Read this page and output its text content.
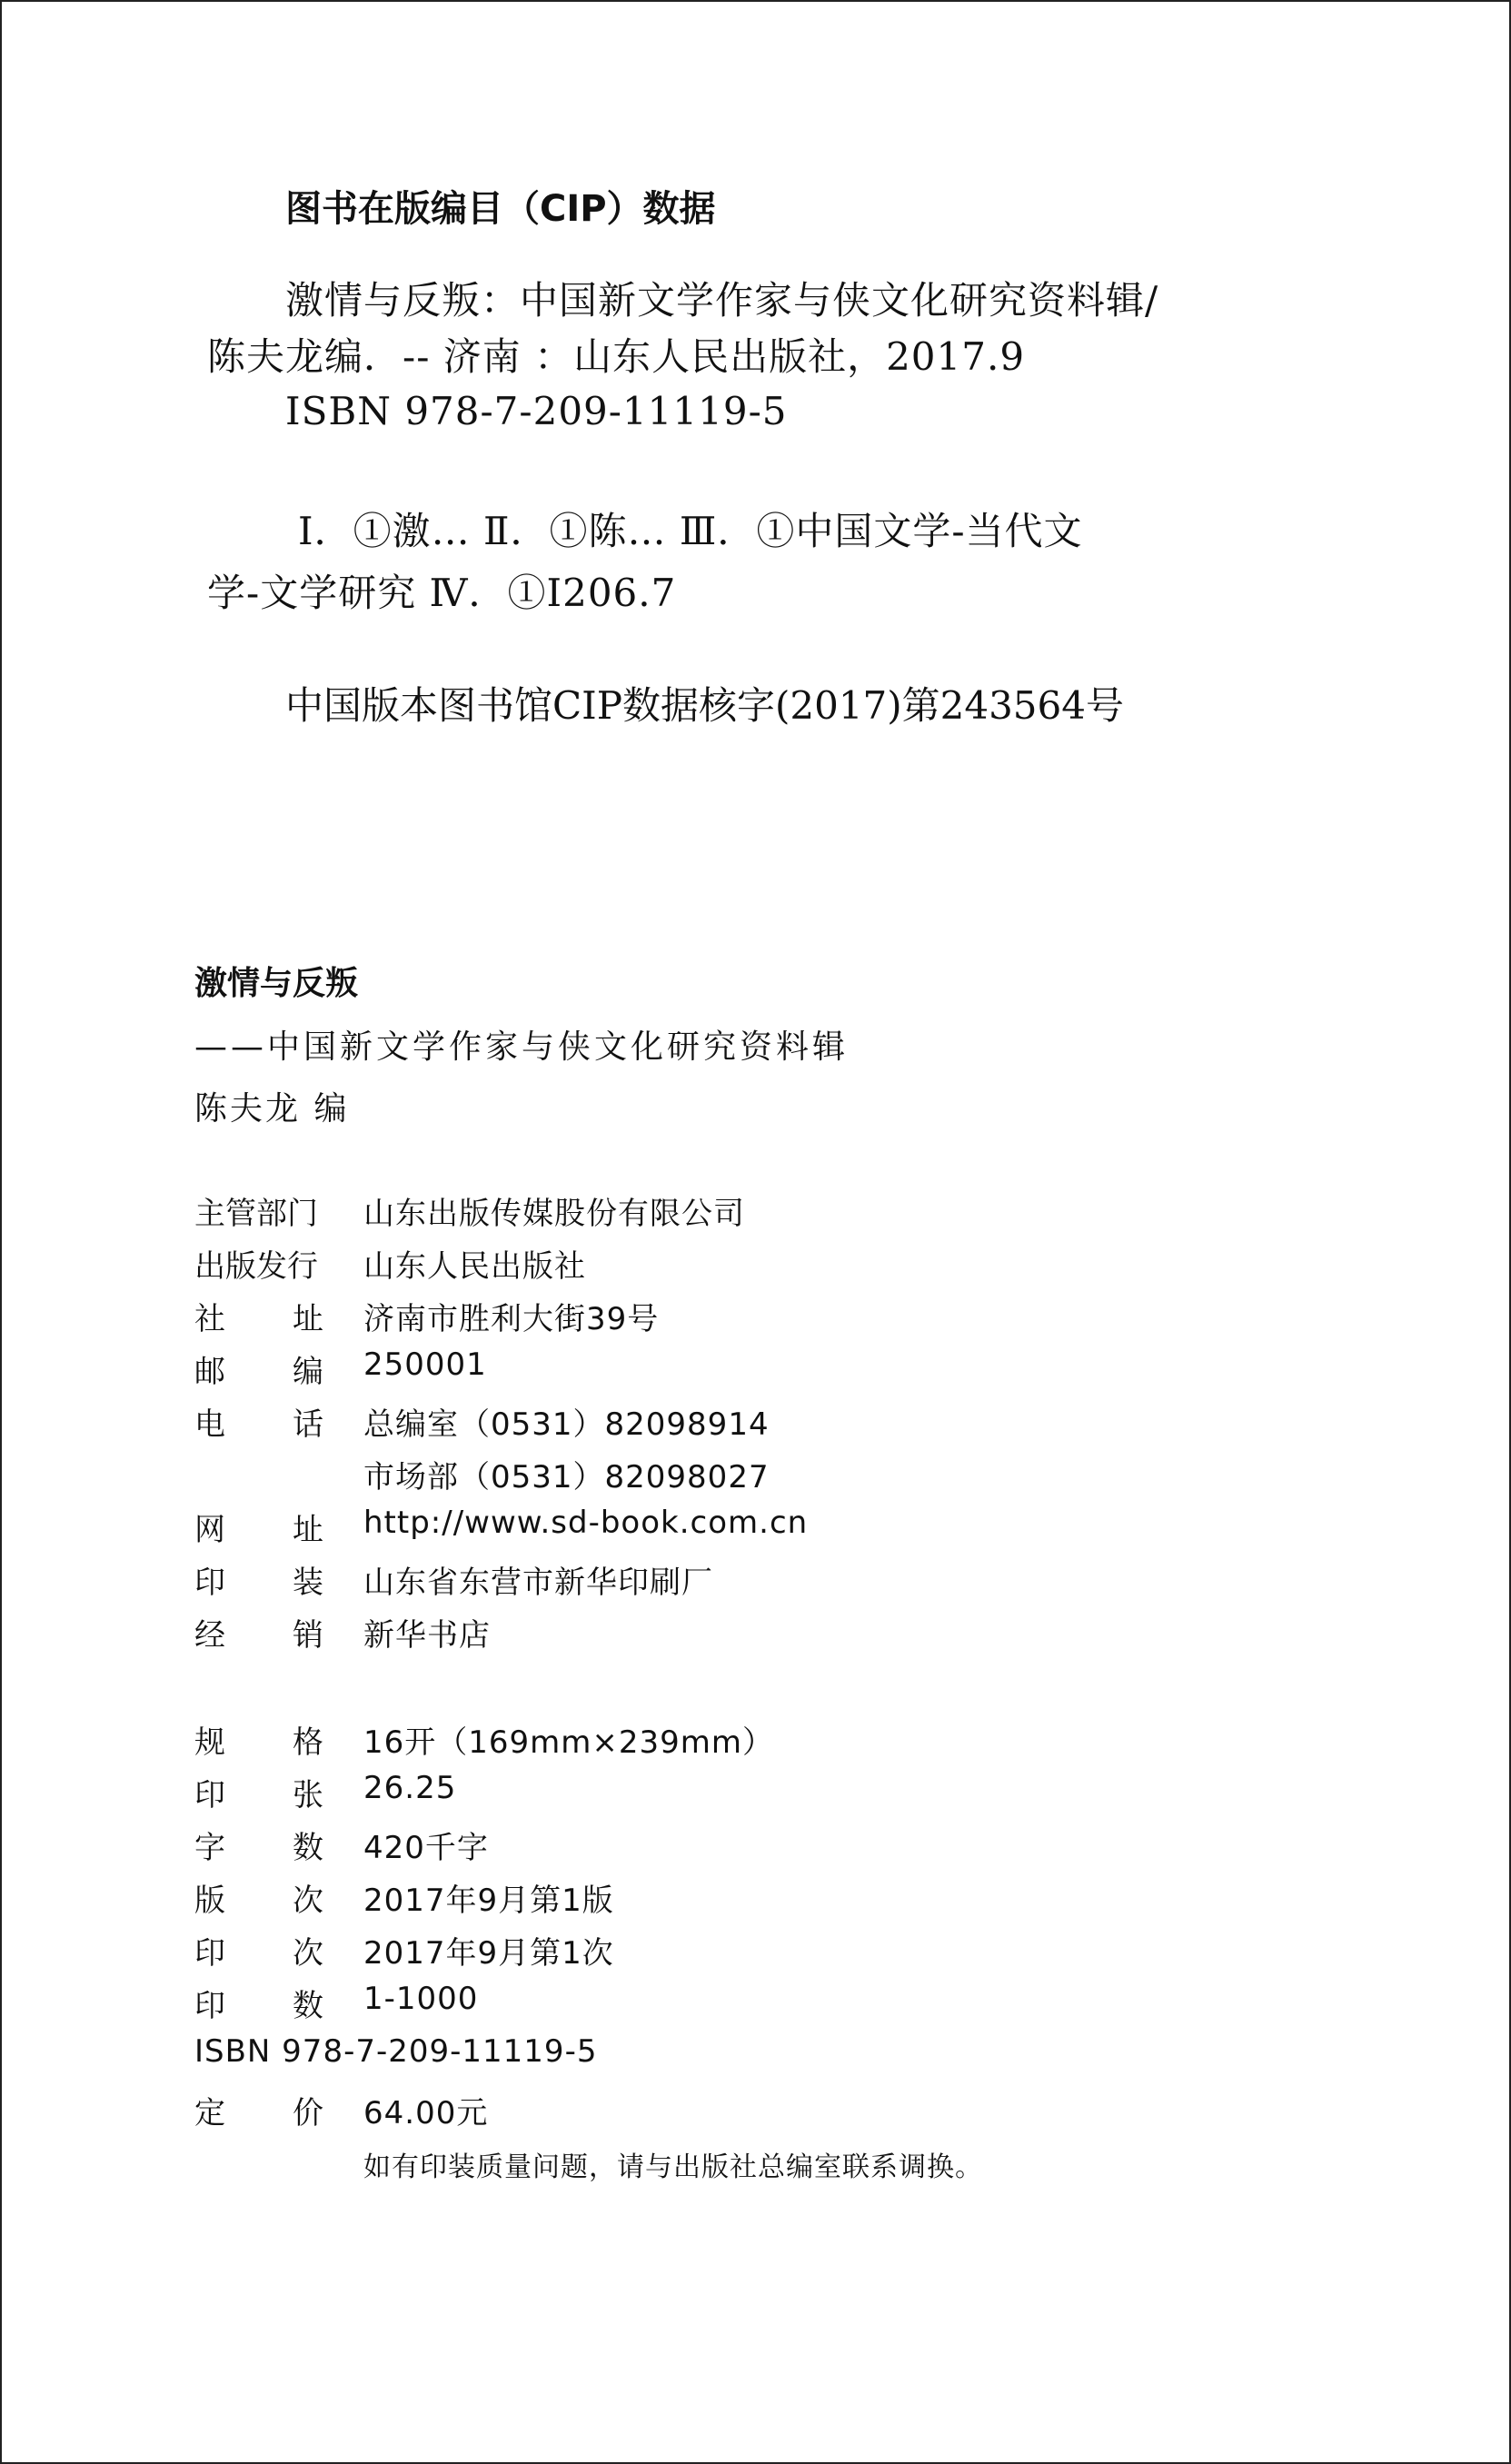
图书在版编目（CIP）数据
激情与反叛：中国新文学作家与侠文化研究资料辑/
陈夫龙编．-- 济南 ：山东人民出版社，2017.9
ISBN 978-7-209-11119-5
Ⅰ．①激… Ⅱ．①陈… Ⅲ．①中国文学-当代文
学-文学研究 Ⅳ．①I206.7
中国版本图书馆CIP数据核字(2017)第243564号
激情与反叛
——中国新文学作家与侠文化研究资料辑
陈夫龙 编
主管部门	山东出版传媒股份有限公司
出版发行	山东人民出版社
社 址 济南市胜利大街39号
邮 编 250001
电 话 总编室（0531）82098914
市场部（0531）82098027
网 址 http://www.sd-book.com.cn
印 装 山东省东营市新华印刷厂
经 销 新华书店
规 格 16开（169mm×239mm）
印 张 26.25
字 数 420千字
版 次 2017年9月第1版
印 次 2017年9月第1次
印 数 1-1000
ISBN 978-7-209-11119-5
定 价 64.00元
如有印装质量问题，请与出版社总编室联系调换。
